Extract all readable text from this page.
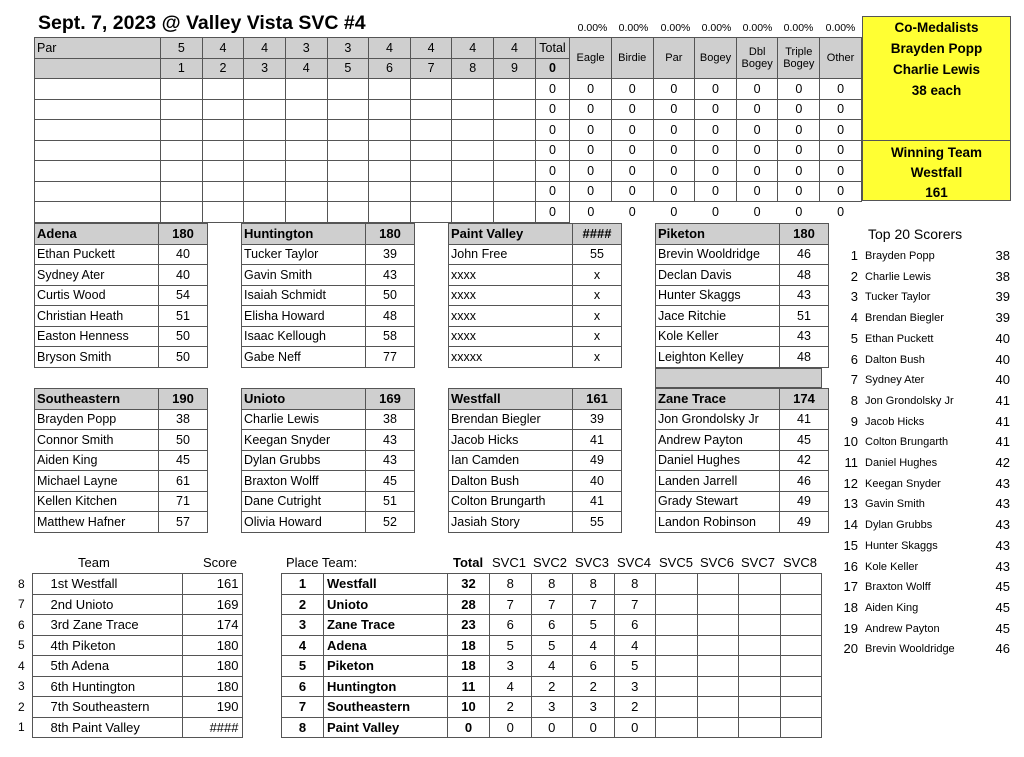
Sept. 7, 2023 @ Valley Vista SVC #4	0.00%	0.00%	0.00%	0.00%	0.00%	0.00%	0.00%
Par	5	4	4	3	3	4	4	4	4	Total	Eagle	Birdie	Par	Bogey	Dbl Bogey	Triple Bogey	Other
	1	2	3	4	5	6	7	8	9	0							
										0	0	0	0	0	0	0	0
										0	0	0	0	0	0	0	0
										0	0	0	0	0	0	0	0
										0	0	0	0	0	0	0	0
										0	0	0	0	0	0	0	0
										0	0	0	0	0	0	0	0
										0	0	0	0	0	0	0	0
Co-Medalists
Brayden Popp
Charlie Lewis
38 each
Winning Team
Westfall
161
Adena	180
Ethan Puckett	40
Sydney Ater	40
Curtis Wood	54
Christian Heath	51
Easton Henness	50
Bryson Smith	50
Huntington	180
Tucker Taylor	39
Gavin Smith	43
Isaiah Schmidt	50
Elisha Howard	48
Isaac Kellough	58
Gabe Neff	77
Paint Valley	####
John Free	55
xxxx	x
xxxx	x
xxxx	x
xxxx	x
xxxxx	x
Piketon	180
Brevin Wooldridge	46
Declan Davis	48
Hunter Skaggs	43
Jace Ritchie	51
Kole Keller	43
Leighton Kelley	48
Southeastern	190
Brayden Popp	38
Connor Smith	50
Aiden King	45
Michael Layne	61
Kellen Kitchen	71
Matthew Hafner	57
Unioto	169
Charlie Lewis	38
Keegan Snyder	43
Dylan Grubbs	43
Braxton Wolff	45
Dane Cutright	51
Olivia Howard	52
Westfall	161
Brendan Biegler	39
Jacob Hicks	41
Ian Camden	49
Dalton Bush	40
Colton Brungarth	41
Jasiah Story	55
Zane Trace	174
Jon Grondolsky Jr	41
Andrew Payton	45
Daniel Hughes	42
Landen Jarrell	46
Grady Stewart	49
Landon Robinson	49
Top 20 Scorers
1 Brayden Popp	38
2 Charlie Lewis	38
3 Tucker Taylor	39
4 Brendan Biegler	39
5 Ethan Puckett	40
6 Dalton Bush	40
7 Sydney Ater	40
8 Jon Grondolsky Jr	41
9 Jacob Hicks	41
10 Colton Brungarth	41
11 Daniel Hughes	42
12 Keegan Snyder	43
13 Gavin Smith	43
14 Dylan Grubbs	43
15 Hunter Skaggs	43
16 Kole Keller	43
17 Braxton Wolff	45
18 Aiden King	45
19 Andrew Payton	45
20 Brevin Wooldridge	46
Team	Score
8	1st Westfall	161
7	2nd Unioto	169
6	3rd Zane Trace	174
5	4th Piketon	180
4	5th Adena	180
3	6th Huntington	180
2	7th Southeastern	190
1	8th Paint Valley	####
Place Team:	Total SVC1 SVC2 SVC3 SVC4 SVC5 SVC6 SVC7 SVC8
1	Westfall	32	8	8	8	8				
2	Unioto	28	7	7	7	7				
3	Zane Trace	23	6	6	5	6				
4	Adena	18	5	5	4	4				
5	Piketon	18	3	4	6	5				
6	Huntington	11	4	2	2	3				
7	Southeastern	10	2	3	3	2				
8	Paint Valley	0	0	0	0	0				
